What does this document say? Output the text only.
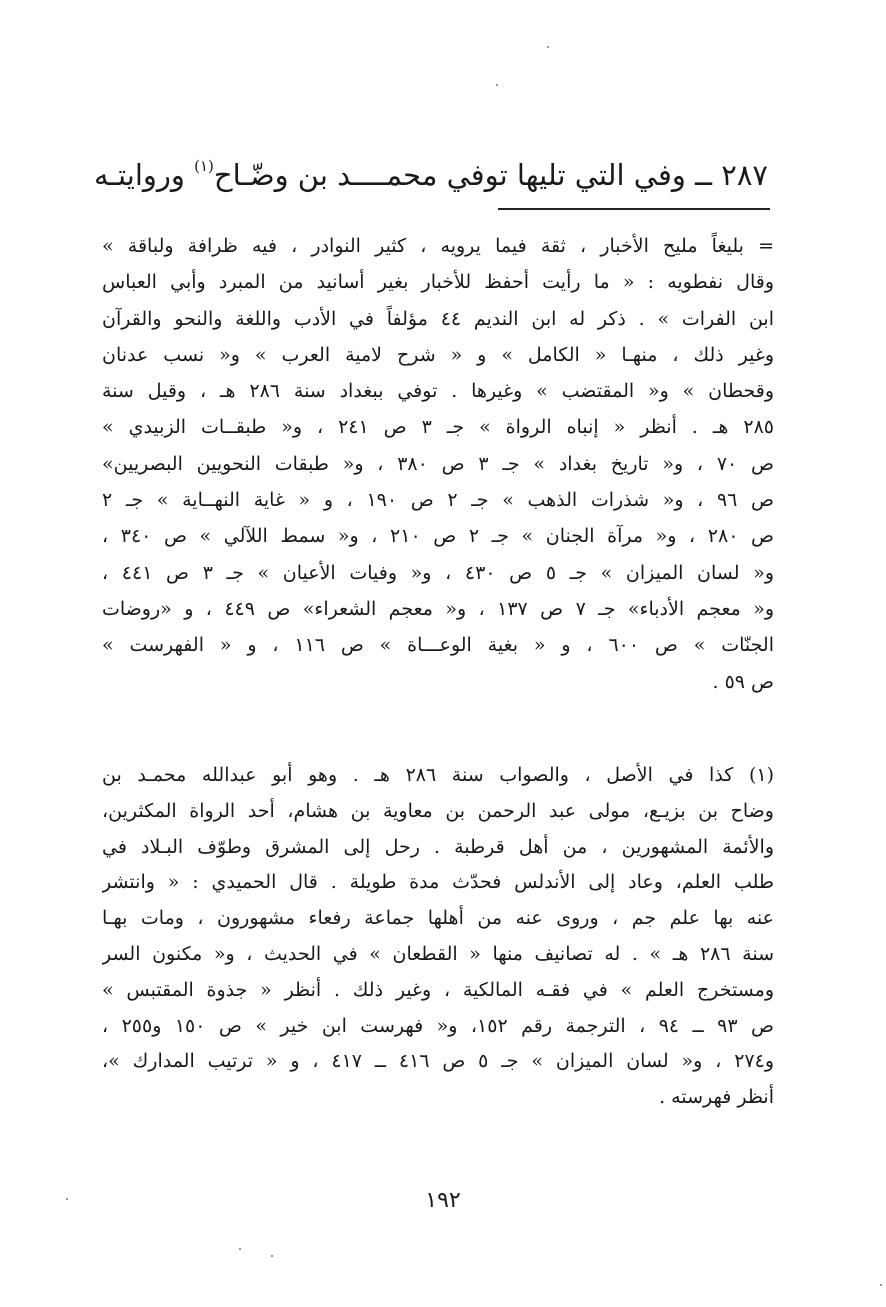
٢٨٧ ــ وفي التي تليها توفي محمــــد بن وضّـاح$^{(١)}$ وروايتـه
= بليغاً مليح الأخبار ، ثقة فيما يرويه ، كثير النوادر ، فيه ظرافة ولباقة »
وقال نفطويه : « ما رأيت أحفظ للأخبار بغير أسانيد من المبرد وأبي العباس
ابن الفرات » . ذكر له ابن النديم ٤٤ مؤلفاً في الأدب واللغة والنحو والقرآن
وغير ذلك ، منهـا « الكامل » و « شرح لامية العرب » و« نسب عدنان
وقحطان » و« المقتضب » وغيرها . توفي ببغداد سنة ٢٨٦ هـ ، وقيل سنة
٢٨٥ هـ . أنظر « إنباه الرواة » جـ ٣ ص ٢٤١ ، و« طبقــات الزبيدي »
ص ٧٠ ، و« تاريخ بغداد » جـ ٣ ص ٣٨٠ ، و« طبقات النحويين البصريين»
ص ٩٦ ، و« شذرات الذهب » جـ ٢ ص ١٩٠ ، و « غاية النهــاية » جـ ٢
ص ٢٨٠ ، و« مرآة الجنان » جـ ٢ ص ٢١٠ ، و« سمط اللآلي » ص ٣٤٠ ،
و« لسان الميزان » جـ ٥ ص ٤٣٠ ، و« وفيات الأعيان » جـ ٣ ص ٤٤١ ،
و« معجم الأدباء» جـ ٧ ص ١٣٧ ، و« معجم الشعراء» ص ٤٤٩ ، و «روضات
الجنّات » ص ٦٠٠ ، و « بغية الوعـــاة » ص ١١٦ ، و « الفهرست »
ص ٥٩ .
(١) كذا في الأصل ، والصواب سنة ٢٨٦ هـ . وهو أبو عبدالله محمـد بن
وضاح بن بزيـع، مولى عبد الرحمن بن معاوية بن هشام، أحد الرواة المكثرين،
والأئمة المشهورين ، من أهل قرطبة . رحل إلى المشرق وطوّف البـلاد في
طلب العلم، وعاد إلى الأندلس فحدّث مدة طويلة . قال الحميدي : « وانتشر
عنه بها علم جم ، وروى عنه من أهلها جماعة رفعاء مشهورون ، ومات بهـا
سنة ٢٨٦ هـ » . له تصانيف منها « القطعان » في الحديث ، و« مكنون السر
ومستخرج العلم » في فقـه المالكية ، وغير ذلك . أنظر « جذوة المقتبس »
ص ٩٣ ــ ٩٤ ، الترجمة رقم ١٥٢، و« فهرست ابن خير » ص ١٥٠ و٢٥٥ ،
و٢٧٤ ، و« لسان الميزان » جـ ٥ ص ٤١٦ ــ ٤١٧ ، و « ترتيب المدارك »،
أنظر فهرسته .
١٩٢
